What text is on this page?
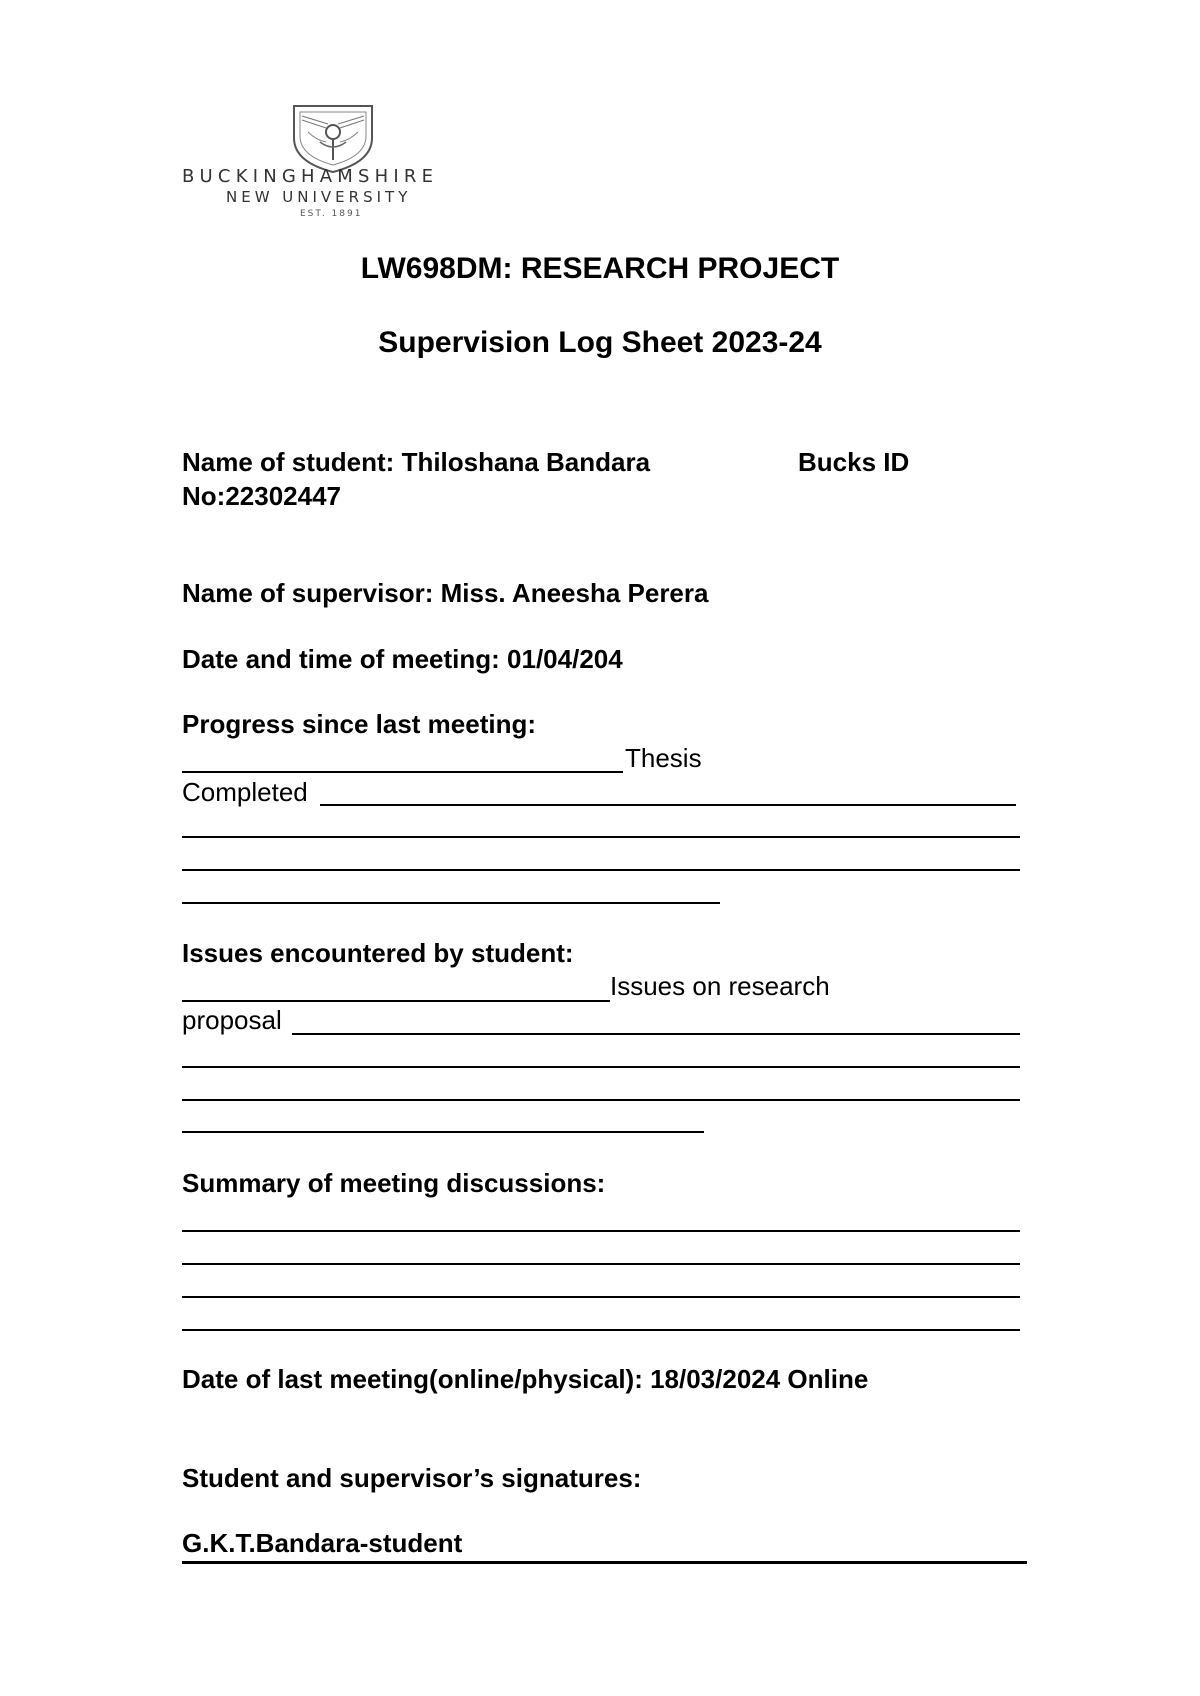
BUCKINGHAMSHIRE
NEW UNIVERSITY
EST. 1891
LW698DM: RESEARCH PROJECT
Supervision Log Sheet 2023-24
Name of student: Thiloshana Bandara	Bucks ID
No:22302447
Name of supervisor: Miss. Aneesha Perera
Date and time of meeting: 01/04/204
Progress since last meeting:
Thesis
Completed
Issues encountered by student:
Issues on research
proposal
Summary of meeting discussions:
Date of last meeting(online/physical): 18/03/2024 Online
Student and supervisor’s signatures:
G.K.T.Bandara-student
